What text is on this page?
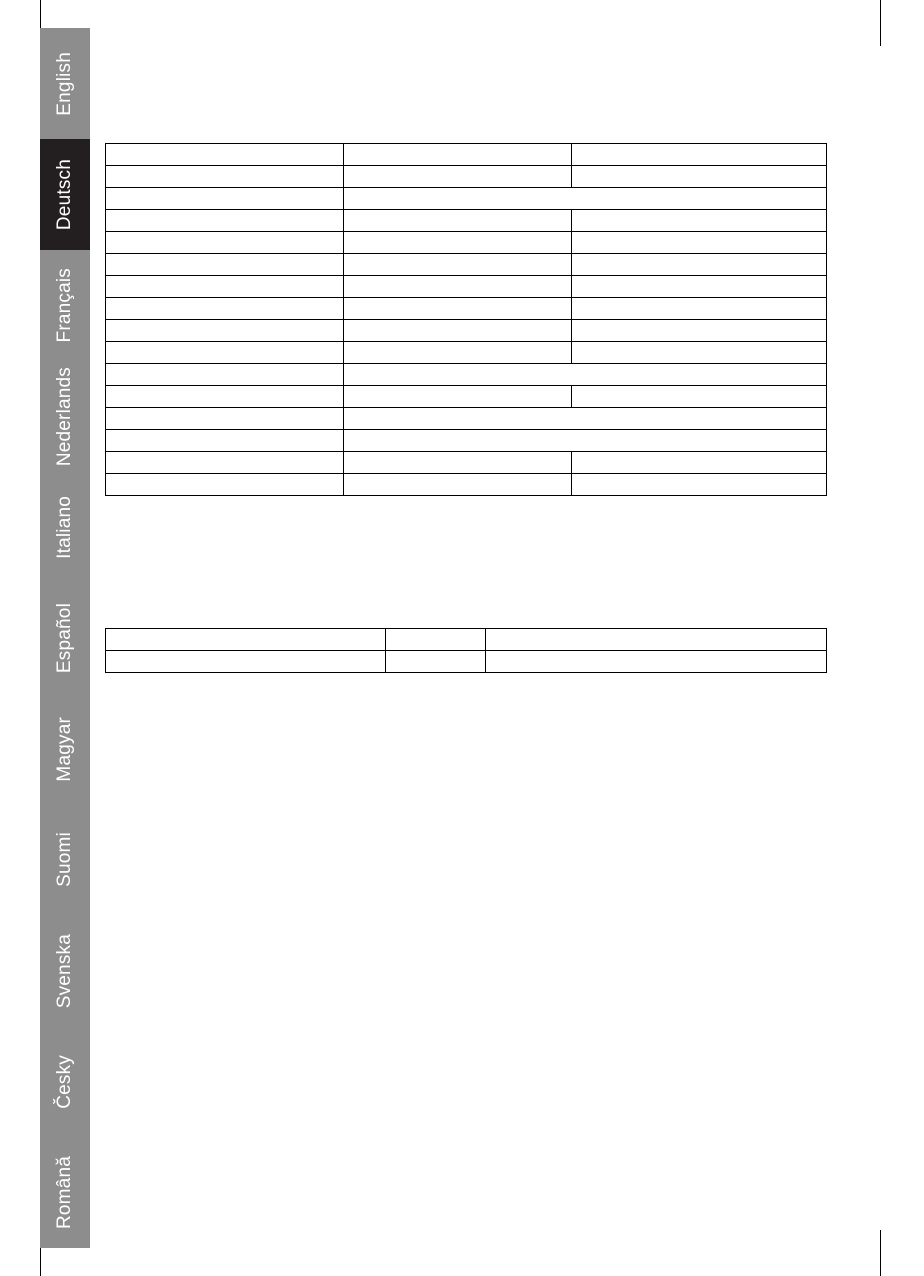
English
Deutsch
Français
Nederlands
Italiano
Español
Magyar
Suomi
Svenska
Česky
Română
